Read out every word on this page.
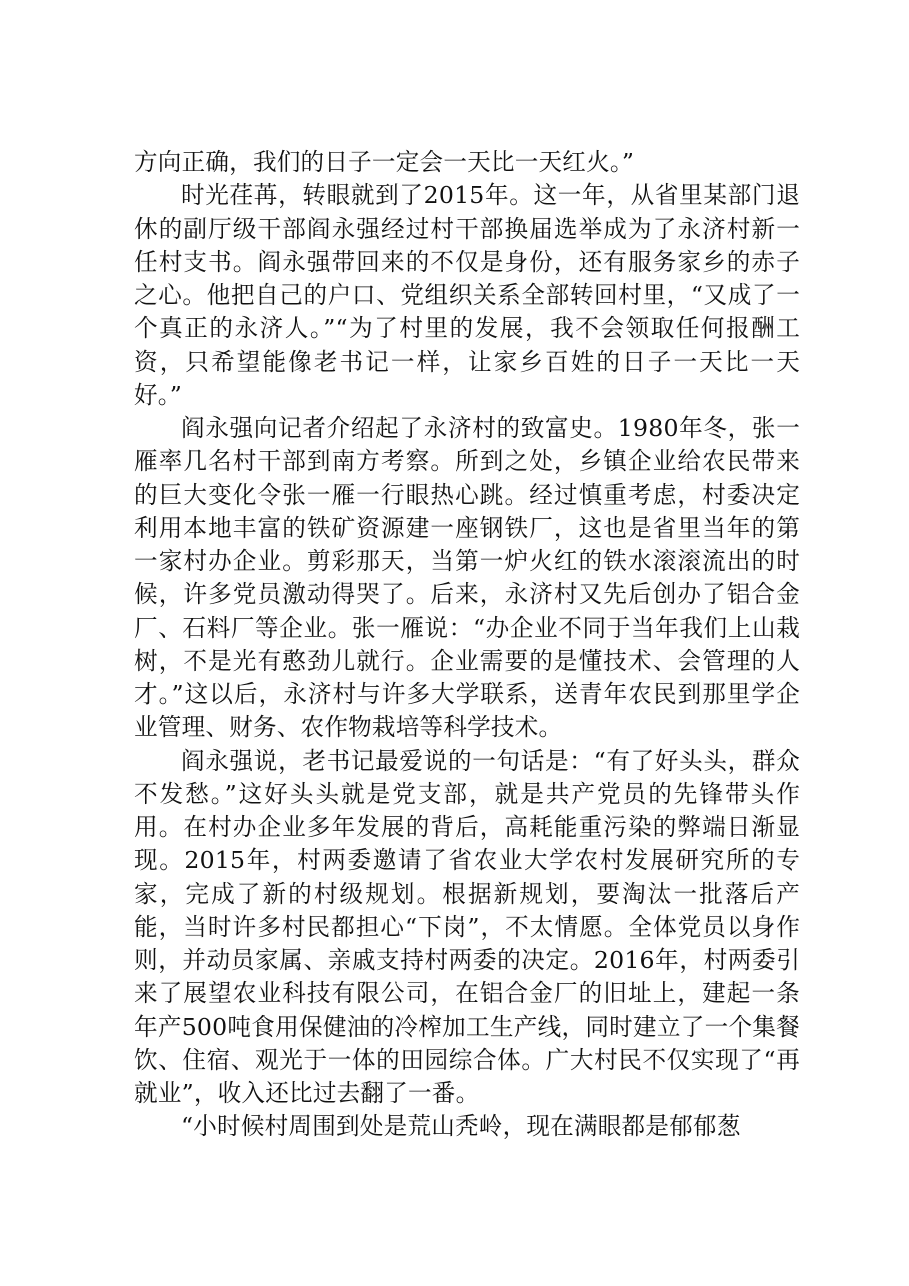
方向正确，我们的日子一定会一天比一天红火。”

时光荏苒，转眼就到了2015年。这一年，从省里某部门退休的副厅级干部阎永强经过村干部换届选举成为了永济村新一任村支书。阎永强带回来的不仅是身份，还有服务家乡的赤子之心。他把自己的户口、党组织关系全部转回村里，“又成了一个真正的永济人。”“为了村里的发展，我不会领取任何报酬工资，只希望能像老书记一样，让家乡百姓的日子一天比一天好。”

阎永强向记者介绍起了永济村的致富史。1980年冬，张一雁率几名村干部到南方考察。所到之处，乡镇企业给农民带来的巨大变化令张一雁一行眼热心跳。经过慎重考虑，村委决定利用本地丰富的铁矿资源建一座钢铁厂，这也是省里当年的第一家村办企业。剪彩那天，当第一炉火红的铁水滚滚流出的时候，许多党员激动得哭了。后来，永济村又先后创办了铝合金厂、石料厂等企业。张一雁说：“办企业不同于当年我们上山栽树，不是光有憨劲儿就行。企业需要的是懂技术、会管理的人才。”这以后，永济村与许多大学联系，送青年农民到那里学企业管理、财务、农作物栽培等科学技术。

阎永强说，老书记最爱说的一句话是：“有了好头头，群众不发愁。”这好头头就是党支部，就是共产党员的先锋带头作用。在村办企业多年发展的背后，高耗能重污染的弊端日渐显现。2015年，村两委邀请了省农业大学农村发展研究所的专家，完成了新的村级规划。根据新规划，要淘汰一批落后产能，当时许多村民都担心“下岗”，不太情愿。全体党员以身作则，并动员家属、亲戚支持村两委的决定。2016年，村两委引来了展望农业科技有限公司，在铝合金厂的旧址上，建起一条年产500吨食用保健油的冷榨加工生产线，同时建立了一个集餐饮、住宿、观光于一体的田园综合体。广大村民不仅实现了“再就业”，收入还比过去翻了一番。

“小时候村周围到处是荒山秃岭，现在满眼都是郁郁葱
